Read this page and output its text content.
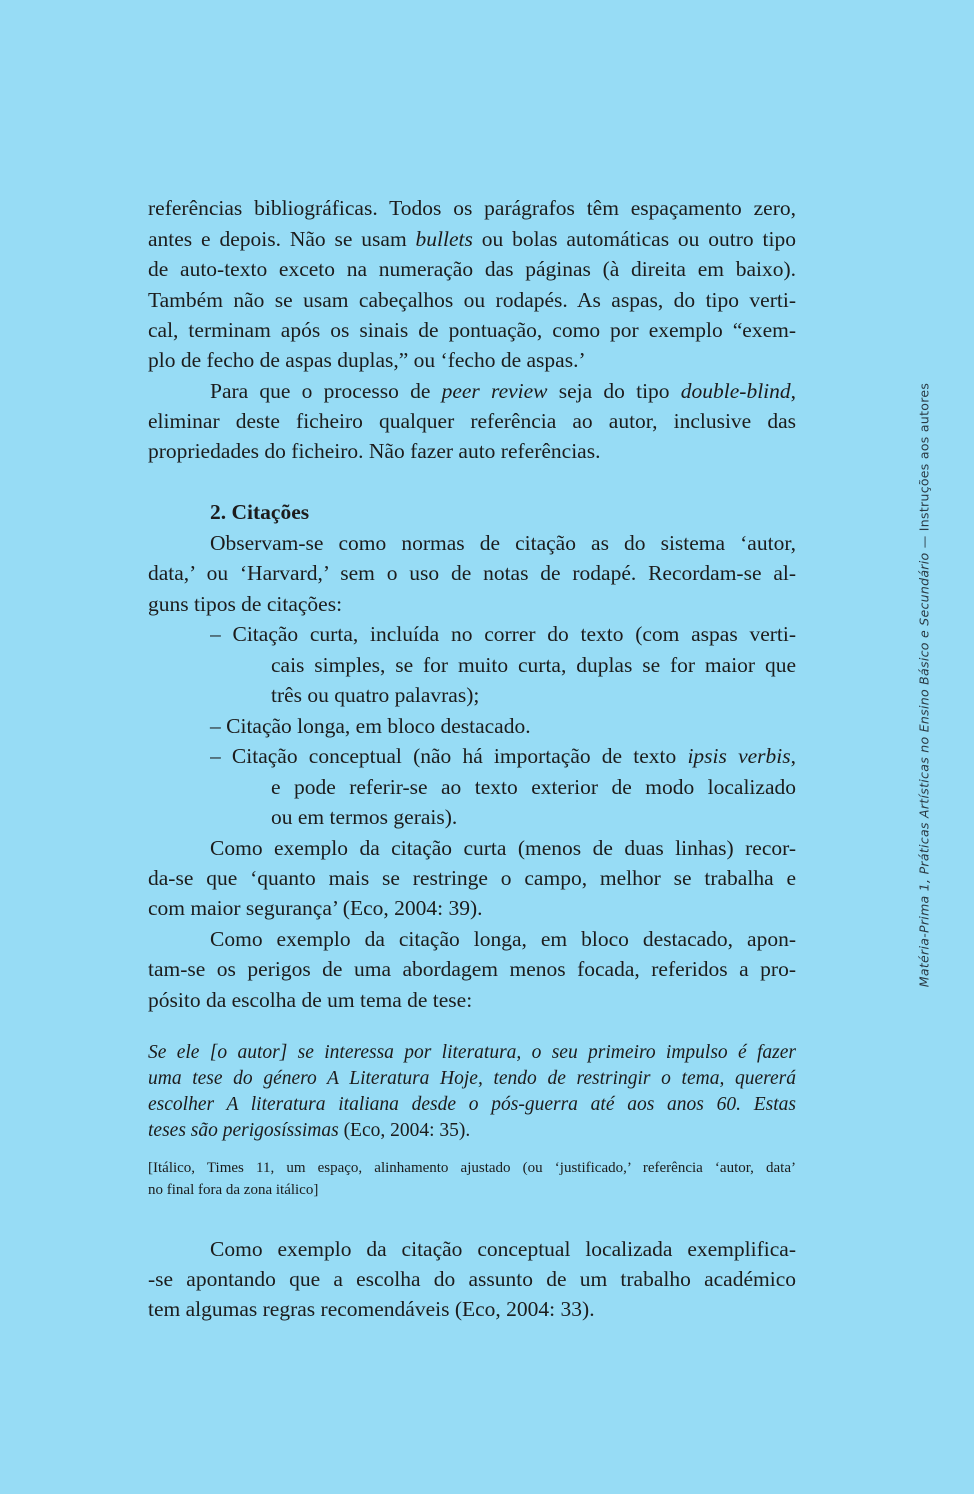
referências bibliográficas. Todos os parágrafos têm espaçamento zero,
antes e depois. Não se usam bullets ou bolas automáticas ou outro tipo
de auto-texto exceto na numeração das páginas (à direita em baixo).
Também não se usam cabeçalhos ou rodapés. As aspas, do tipo verti-
cal, terminam após os sinais de pontuação, como por exemplo “exem-
plo de fecho de aspas duplas,” ou ‘fecho de aspas.’
Para que o processo de peer review seja do tipo double-blind,
eliminar deste ficheiro qualquer referência ao autor, inclusive das
propriedades do ficheiro. Não fazer auto referências.
2. Citações
Observam-se como normas de citação as do sistema ‘autor,
data,’ ou ‘Harvard,’ sem o uso de notas de rodapé. Recordam-se al-
guns tipos de citações:
– Citação curta, incluída no correr do texto (com aspas verti-
cais simples, se for muito curta, duplas se for maior que
três ou quatro palavras);
– Citação longa, em bloco destacado.
– Citação conceptual (não há importação de texto ipsis verbis,
e pode referir-se ao texto exterior de modo localizado
ou em termos gerais).
Como exemplo da citação curta (menos de duas linhas) recor-
da-se que ‘quanto mais se restringe o campo, melhor se trabalha e
com maior segurança’ (Eco, 2004: 39).
Como exemplo da citação longa, em bloco destacado, apon-
tam-se os perigos de uma abordagem menos focada, referidos a pro-
pósito da escolha de um tema de tese:
Se ele [o autor] se interessa por literatura, o seu primeiro impulso é fazer
uma tese do género A Literatura Hoje, tendo de restringir o tema, quererá
escolher A literatura italiana desde o pós-guerra até aos anos 60. Estas
teses são perigosíssimas (Eco, 2004: 35).
[Itálico, Times 11, um espaço, alinhamento ajustado (ou ‘justificado,’ referência ‘autor, data’
no final fora da zona itálico]
Como exemplo da citação conceptual localizada exemplifica-
-se apontando que a escolha do assunto de um trabalho académico
tem algumas regras recomendáveis (Eco, 2004: 33).
Matéria-Prima 1, Práticas Artísticas no Ensino Básico e Secundário — Instruções aos autores
